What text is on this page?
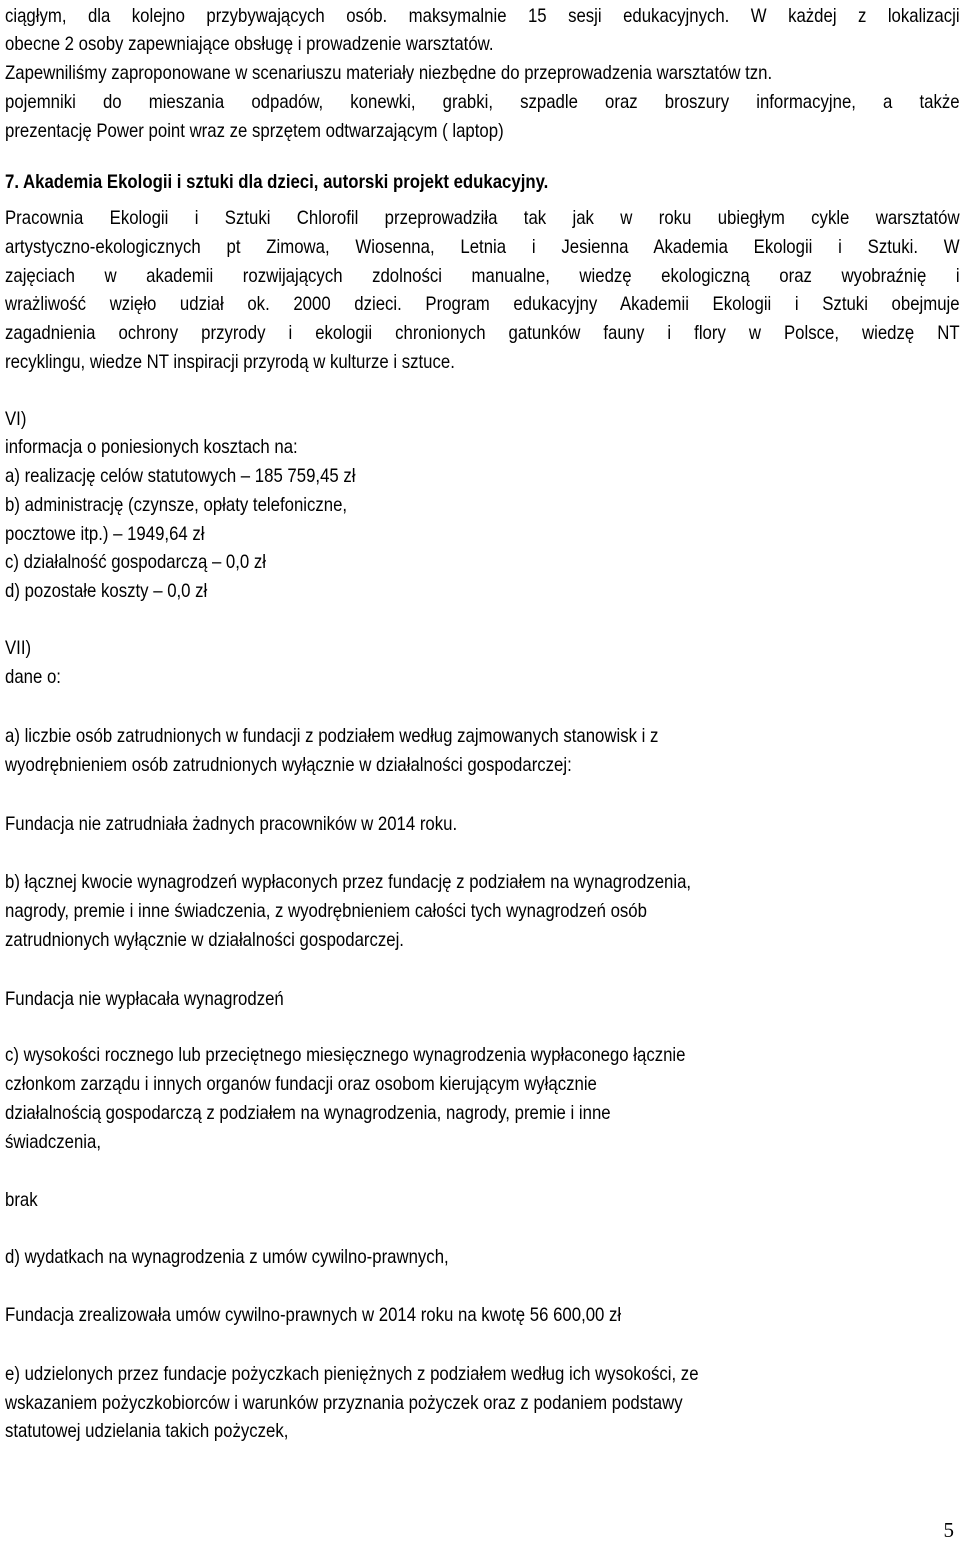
ciągłym, dla kolejno przybywających osób. maksymalnie 15 sesji edukacyjnych. W każdej z lokalizacji
obecne 2 osoby zapewniające obsługę i prowadzenie warsztatów.
Zapewniliśmy zaproponowane w scenariuszu materiały niezbędne do przeprowadzenia warsztatów tzn.
pojemniki do mieszania odpadów, konewki, grabki, szpadle oraz broszury informacyjne, a także
prezentację Power point wraz ze sprzętem odtwarzającym ( laptop)
7. Akademia Ekologii i sztuki dla dzieci, autorski projekt edukacyjny.
Pracownia Ekologii i Sztuki Chlorofil przeprowadziła tak jak w roku ubiegłym cykle warsztatów
artystyczno-ekologicznych pt Zimowa, Wiosenna, Letnia i Jesienna Akademia Ekologii i Sztuki. W
zajęciach w akademii rozwijających zdolności manualne, wiedzę ekologiczną oraz wyobraźnię i
wrażliwość wzięło udział ok. 2000 dzieci. Program edukacyjny Akademii Ekologii i Sztuki obejmuje
zagadnienia ochrony przyrody i ekologii chronionych gatunków fauny i flory w Polsce, wiedzę NT
recyklingu, wiedze NT inspiracji przyrodą w kulturze i sztuce.
VI)
informacja o poniesionych kosztach na:
a) realizację celów statutowych – 185 759,45 zł
b) administrację (czynsze, opłaty telefoniczne,
pocztowe itp.) – 1949,64 zł
c) działalność gospodarczą – 0,0 zł
d) pozostałe koszty – 0,0 zł
VII)
dane o:
a) liczbie osób zatrudnionych w fundacji z podziałem według zajmowanych stanowisk i z
wyodrębnieniem osób zatrudnionych wyłącznie w działalności gospodarczej:
Fundacja nie zatrudniała żadnych pracowników w 2014 roku.
b) łącznej kwocie wynagrodzeń wypłaconych przez fundację z podziałem na wynagrodzenia,
nagrody, premie i inne świadczenia, z wyodrębnieniem całości tych wynagrodzeń osób
zatrudnionych wyłącznie w działalności gospodarczej.
Fundacja nie wypłacała wynagrodzeń
c) wysokości rocznego lub przeciętnego miesięcznego wynagrodzenia wypłaconego łącznie
członkom zarządu i innych organów fundacji oraz osobom kierującym wyłącznie
działalnością gospodarczą z podziałem na wynagrodzenia, nagrody, premie i inne
świadczenia,
brak
d) wydatkach na wynagrodzenia z umów cywilno-prawnych,
Fundacja zrealizowała umów cywilno-prawnych w 2014 roku na kwotę 56 600,00 zł
e) udzielonych przez fundacje pożyczkach pieniężnych z podziałem według ich wysokości, ze
wskazaniem pożyczkobiorców i warunków przyznania pożyczek oraz z podaniem podstawy
statutowej udzielania takich pożyczek,
5
